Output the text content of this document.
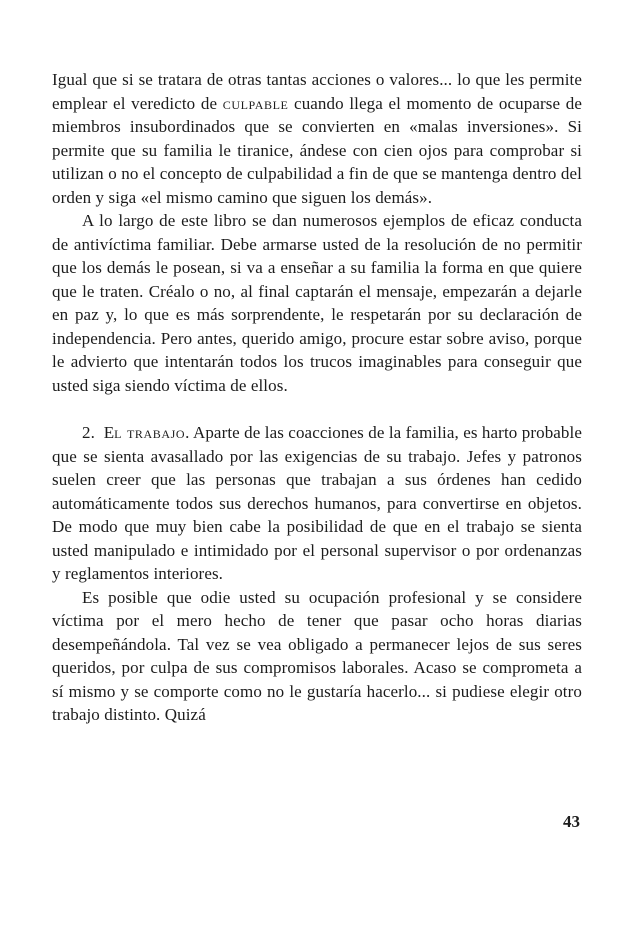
Igual que si se tratara de otras tantas acciones o valores... lo que les permite emplear el veredicto de culpable cuando llega el momento de ocuparse de miembros insubordinados que se convierten en «malas inversiones». Si permite que su familia le tiranice, ándese con cien ojos para comprobar si utilizan o no el concepto de culpabilidad a fin de que se mantenga dentro del orden y siga «el mismo camino que siguen los demás».

A lo largo de este libro se dan numerosos ejemplos de eficaz conducta de antivíctima familiar. Debe armarse usted de la resolución de no permitir que los demás le posean, si va a enseñar a su familia la forma en que quiere que le traten. Créalo o no, al final captarán el mensaje, empezarán a dejarle en paz y, lo que es más sorprendente, le respetarán por su declaración de independencia. Pero antes, querido amigo, procure estar sobre aviso, porque le advierto que intentarán todos los trucos imaginables para conseguir que usted siga siendo víctima de ellos.

2. El trabajo. Aparte de las coacciones de la familia, es harto probable que se sienta avasallado por las exigencias de su trabajo. Jefes y patronos suelen creer que las personas que trabajan a sus órdenes han cedido automáticamente todos sus derechos humanos, para convertirse en objetos. De modo que muy bien cabe la posibilidad de que en el trabajo se sienta usted manipulado e intimidado por el personal supervisor o por ordenanzas y reglamentos interiores.

Es posible que odie usted su ocupación profesional y se considere víctima por el mero hecho de tener que pasar ocho horas diarias desempeñándola. Tal vez se vea obligado a permanecer lejos de sus seres queridos, por culpa de sus compromisos laborales. Acaso se comprometa a sí mismo y se comporte como no le gustaría hacerlo... si pudiese elegir otro trabajo distinto. Quizá

43
